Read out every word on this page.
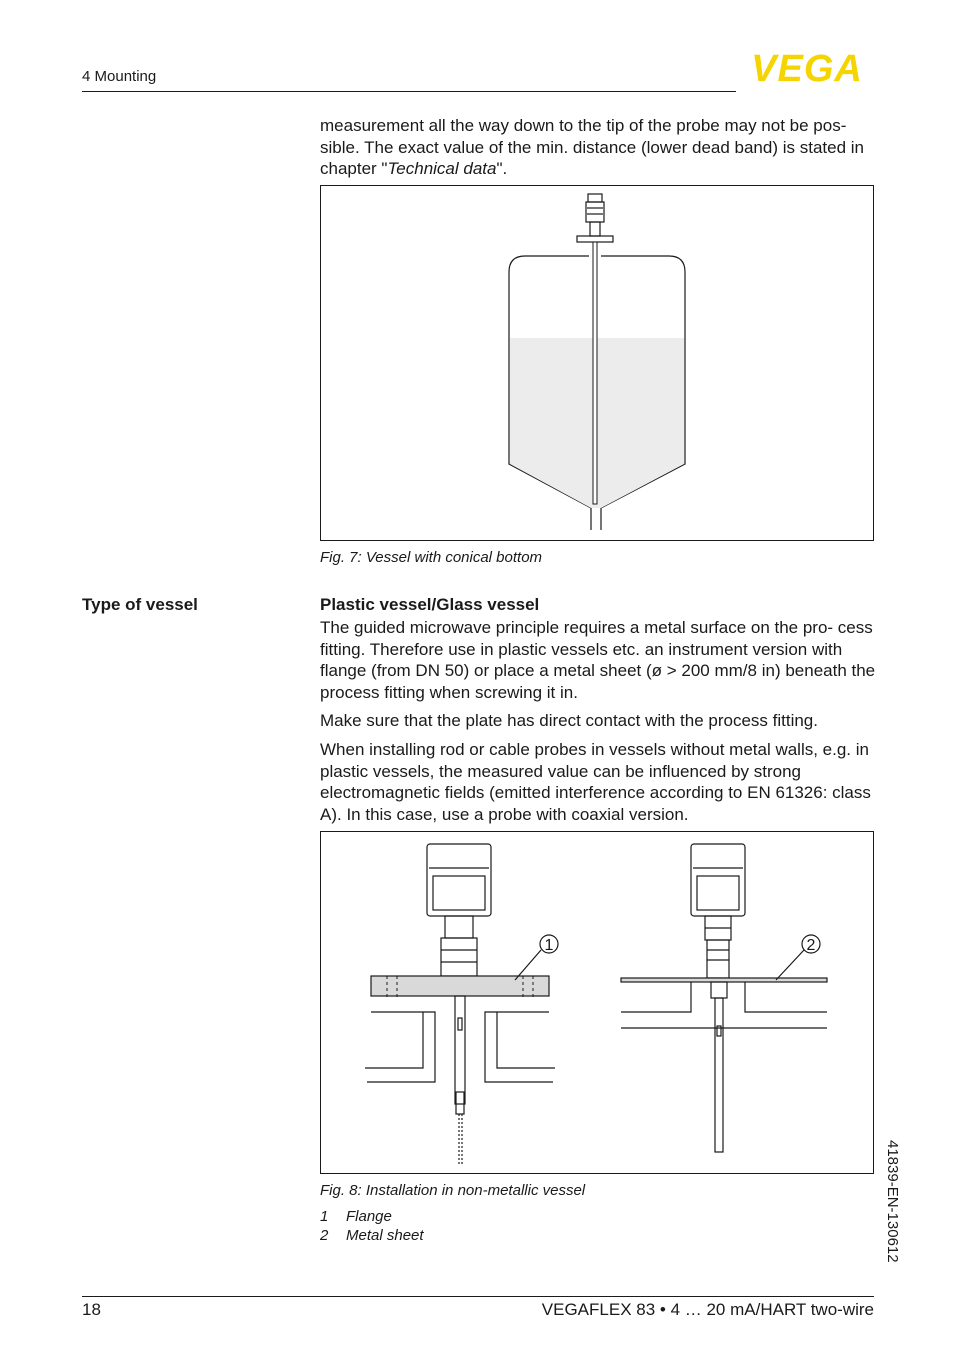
4 Mounting	VEGA

measurement all the way down to the tip of the probe may not be pos- sible. The exact value of the min. distance (lower dead band) is stated in chapter "Technical data".

Fig. 7: Vessel with conical bottom
Type of vessel	Plastic vessel/Glass vessel

The guided microwave principle requires a metal surface on the pro- cess fitting. Therefore use in plastic vessels etc. an instrument version with flange (from DN 50) or place a metal sheet (ø > 200 mm/8 in) beneath the process fitting when screwing it in.

Make sure that the plate has direct contact with the process fitting.

When installing rod or cable probes in vessels without metal walls, e.g. in plastic vessels, the measured value can be influenced by strong electromagnetic fields (emitted interference according to EN 61326: class A). In this case, use a probe with coaxial version.

1	2
Fig. 8: Installation in non-metallic vessel
1 Flange
2 Metal sheet	41839-EN-130612
18	VEGAFLEX 83 • 4 … 20 mA/HART two-wire
